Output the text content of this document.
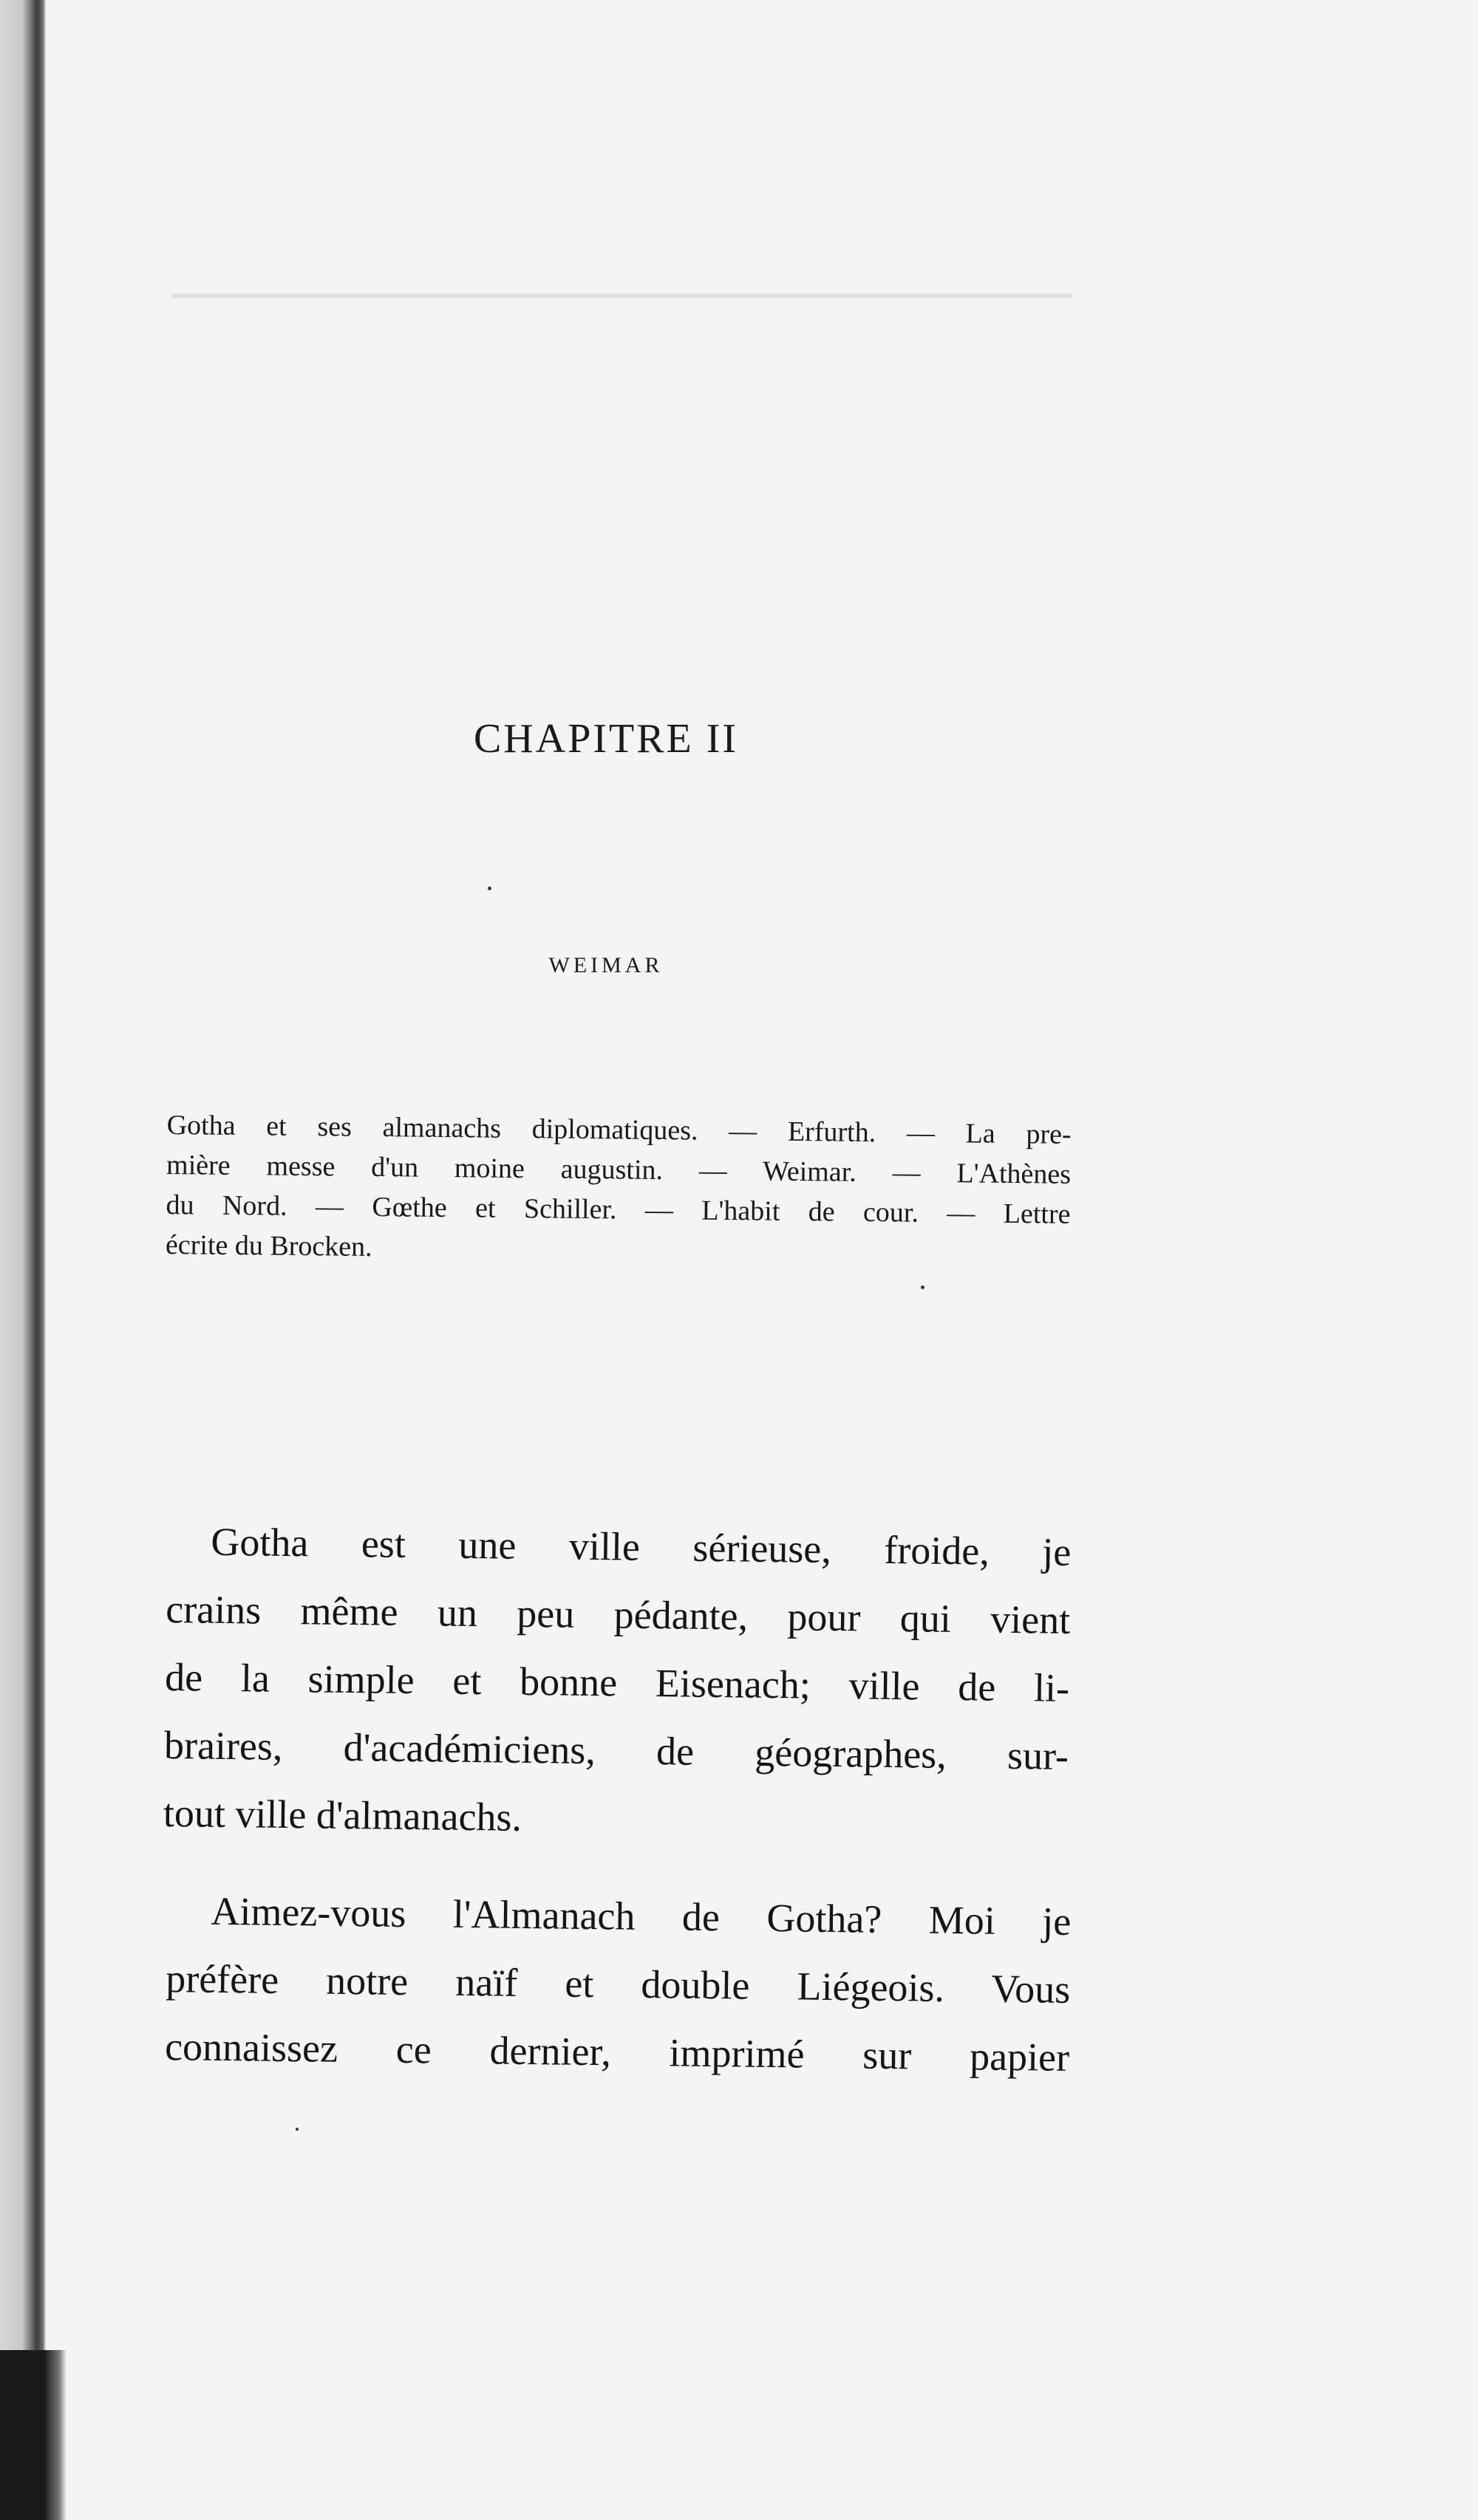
▔▔▔▔▔▔▔▔▔▔▔▔▔▔▔▔▔▔▔▔▔▔▔▔▔▔▔▔▔▔▔▔▔▔▔▔
CHAPITRE II
WEIMAR
Gotha et ses almanachs diplomatiques. — Erfurth. — La pre-
mière messe d'un moine augustin. — Weimar. — L'Athènes
du Nord. — Gœthe et Schiller. — L'habit de cour. — Lettre
écrite du Brocken.
Gotha est une ville sérieuse, froide, je
crains même un peu pédante, pour qui vient
de la simple et bonne Eisenach; ville de li-
braires, d'académiciens, de géographes, sur-
tout ville d'almanachs.
Aimez-vous l'Almanach de Gotha? Moi je
préfère notre naïf et double Liégeois. Vous
connaissez ce dernier, imprimé sur papier
